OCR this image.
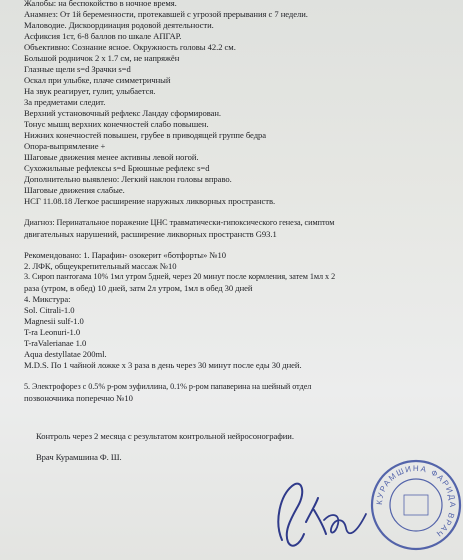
Жалобы: на беспокойство в ночное время.
Анамнез: От 1й беременности, протекавшей с угрозой прерывания с 7 недели.
Маловодие. Дискоордииация родовой деятельности.
Асфиксия 1ст, 6-8 баллов по шкале АПГАР.
Объективно: Сознание ясное. Окружность головы 42.2 см.
Большой родничок 2 х 1.7 см, не напряжён
Глазные щели s=d Зрачки s=d
Оскал при улыбке, плаче симметричный
На звук реагирует, гулит, улыбается.
За предметами следит.
Верхний установочный рефлекс Ландау сформирован.
Тонус мышц верхних конечностей слабо повышен.
Нижних конечностей повышен, грубее в приводящей группе бедра
Опора-выпрямление +
Шаговые движения менее активны левой ногой.
Сухожильные рефлексы s=d Брюшные рефлекс s=d
Дополнительно выявлено: Легкий наклон головы вправо.
Шаговые движения слабые.
НСГ 11.08.18 Легкое расширение наружных ликворных пространств.
Диагноз: Перинатальное поражение ЦНС травматически-гипоксического генеза, симптом
двигательных нарушений, расширение ликворных пространств G93.1
Рекомендовано: 1. Парафин- озокерит «ботфорты» №10
2. ЛФК, общеукрепительный массаж №10
3. Сироп пантогама 10% 1мл утром 5дней, через 20 минут после кормления, затем 1мл х 2
раза (утром, в обед) 10 дней, затм 2л утром, 1мл в обед 30 дней
4. Микстура:
Sol. Citrali-1.0
Magnesii sulf-1.0
T-ra Leonuri-1.0
T-raValerianae 1.0
Aqua destyllatae 200ml.
M.D.S. По 1 чайной ложке х 3 раза в день через 30 минут после еды 30 дней.
5. Электрофорез с 0.5% р-ром эуфиллина, 0.1% р-ром папаверина на шейный отдел
позвоночника поперечно №10
Контроль через 2 месяца с результатом контрольной нейросонографии.
Врач Курамшина Ф. Ш.
КУРАМШИНА ФАРИДА ВРАЧ
